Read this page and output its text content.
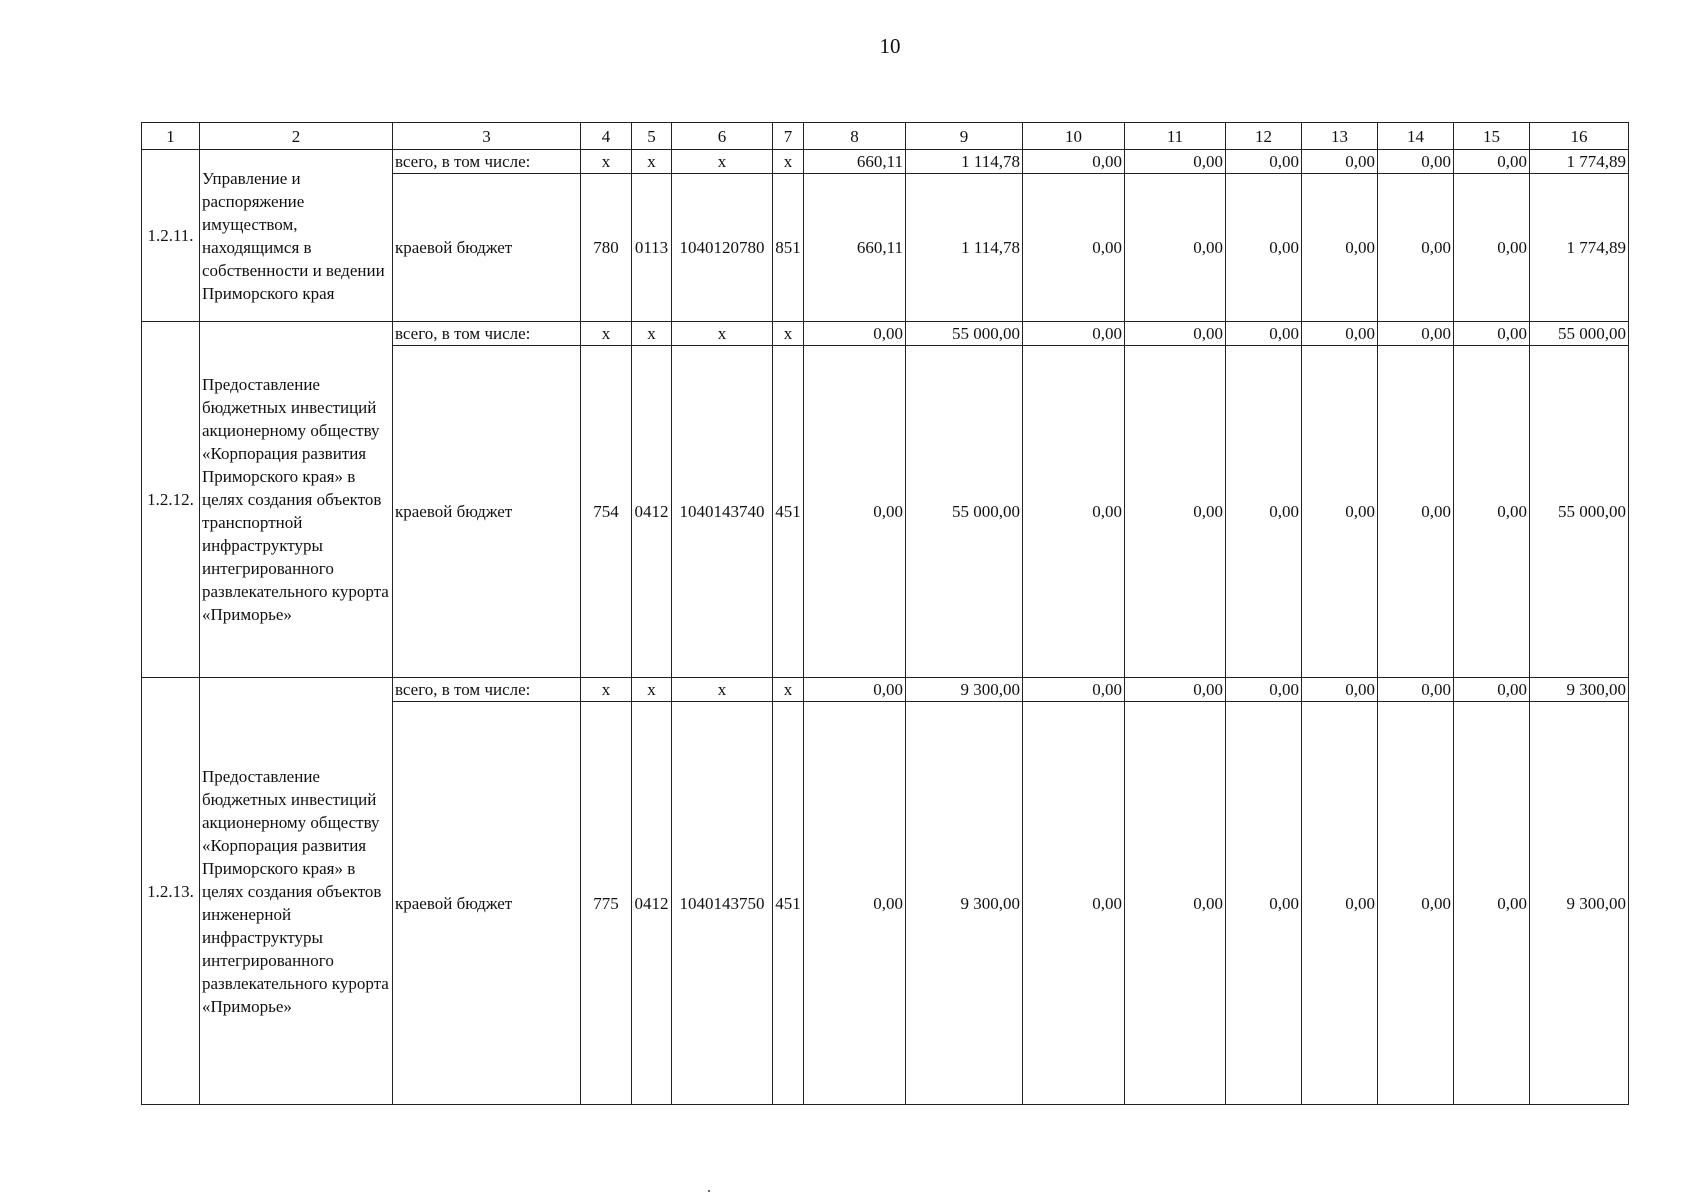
10
1	2	3	4	5	6	7	8	9	10	11	12	13	14	15	16
1.2.11.	Управление и распоряжение имуществом, находящимся в собственности и ведении Приморского края	всего, в том числе:	x	x	x	x	660,11	1 114,78	0,00	0,00	0,00	0,00	0,00	0,00	1 774,89
		краевой бюджет	780	0113	1040120780	851	660,11	1 114,78	0,00	0,00	0,00	0,00	0,00	0,00	1 774,89
1.2.12.	Предоставление бюджетных инвестиций акционерному обществу «Корпорация развития Приморского края» в целях создания объектов транспортной инфраструктуры интегрированного развлекательного курорта «Приморье»	всего, в том числе:	x	x	x	x	0,00	55 000,00	0,00	0,00	0,00	0,00	0,00	0,00	55 000,00
		краевой бюджет	754	0412	1040143740	451	0,00	55 000,00	0,00	0,00	0,00	0,00	0,00	0,00	55 000,00
1.2.13.	Предоставление бюджетных инвестиций акционерному обществу «Корпорация развития Приморского края» в целях создания объектов инженерной инфраструктуры интегрированного развлекательного курорта «Приморье»	всего, в том числе:	x	x	x	x	0,00	9 300,00	0,00	0,00	0,00	0,00	0,00	0,00	9 300,00
		краевой бюджет	775	0412	1040143750	451	0,00	9 300,00	0,00	0,00	0,00	0,00	0,00	0,00	9 300,00
